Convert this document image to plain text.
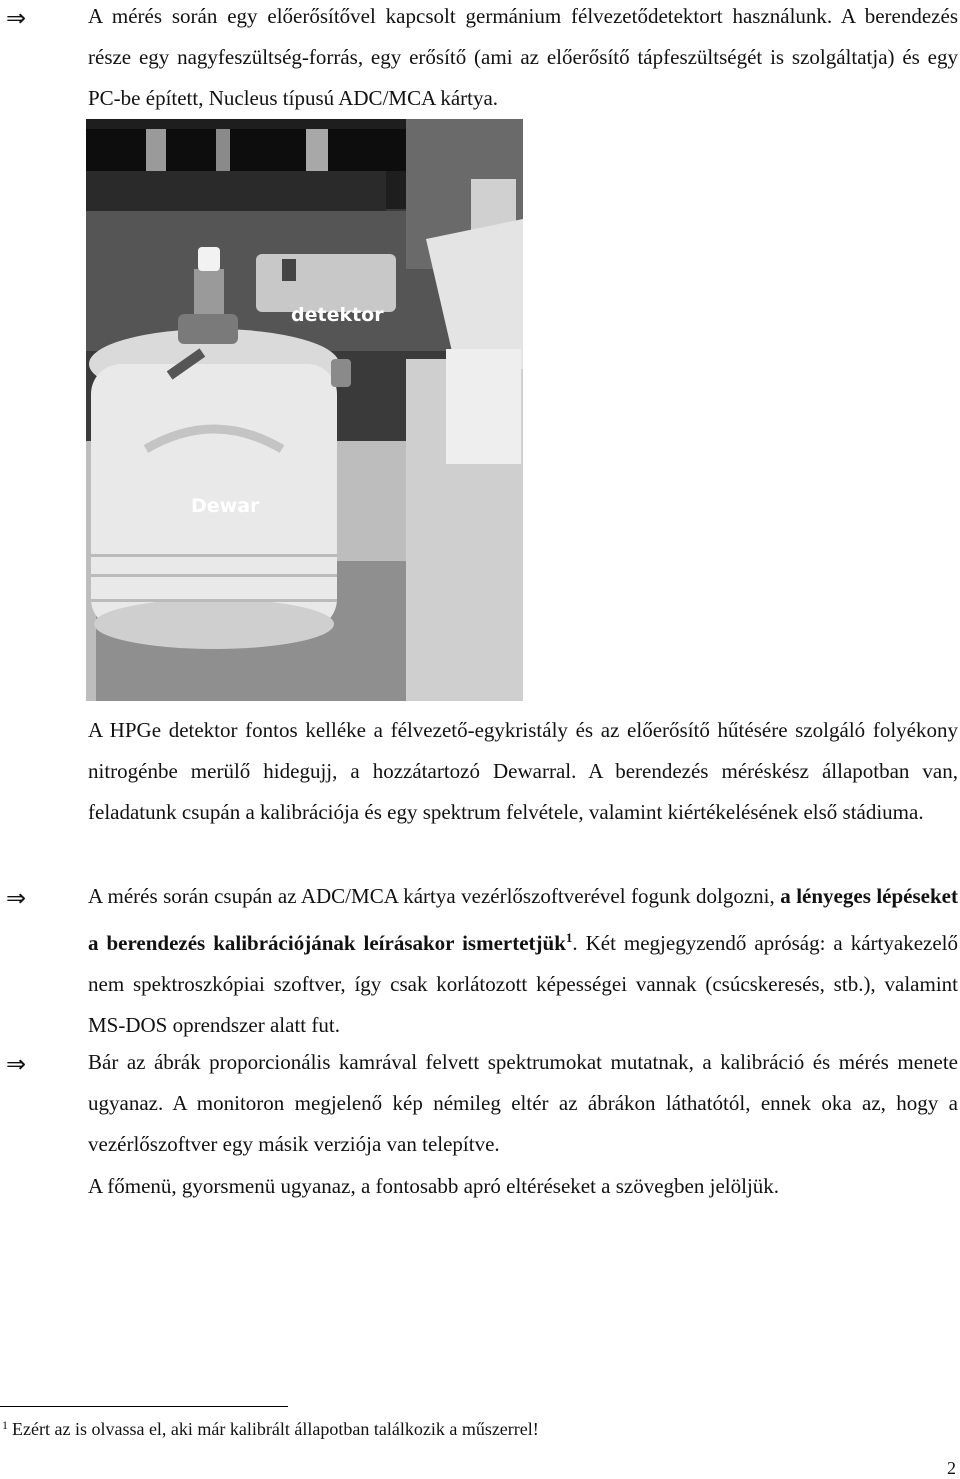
⇒	A mérés során egy előerősítővel kapcsolt germánium félvezetődetektort használunk. A berendezés része egy nagyfeszültség-forrás, egy erősítő (ami az előerősítő tápfeszültségét is szolgáltatja) és egy PC-be épített, Nucleus típusú ADC/MCA kártya.
Dewar
detektor
A HPGe detektor fontos kelléke a félvezető-egykristály és az előerősítő hűtésére szolgáló folyékony nitrogénbe merülő hidegujj, a hozzátartozó Dewarral. A berendezés méréskész állapotban van, feladatunk csupán a kalibrációja és egy spektrum felvétele, valamint kiértékelésének első stádiuma.
⇒	A mérés során csupán az ADC/MCA kártya vezérlőszoftverével fogunk dolgozni, a lényeges lépéseket a berendezés kalibrációjának leírásakor ismertetjük$^1$. Két megjegyzendő apróság: a kártyakezelő nem spektroszkópiai szoftver, így csak korlátozott képességei vannak (csúcskeresés, stb.), valamint MS-DOS oprendszer alatt fut.
⇒	Bár az ábrák proporcionális kamrával felvett spektrumokat mutatnak, a kalibráció és mérés menete ugyanaz. A monitoron megjelenő kép némileg eltér az ábrákon láthatótól, ennek oka az, hogy a vezérlőszoftver egy másik verziója van telepítve.
A főmenü, gyorsmenü ugyanaz, a fontosabb apró eltéréseket a szövegben jelöljük.
$^1$ Ezért az is olvassa el, aki már kalibrált állapotban találkozik a műszerrel!
2
